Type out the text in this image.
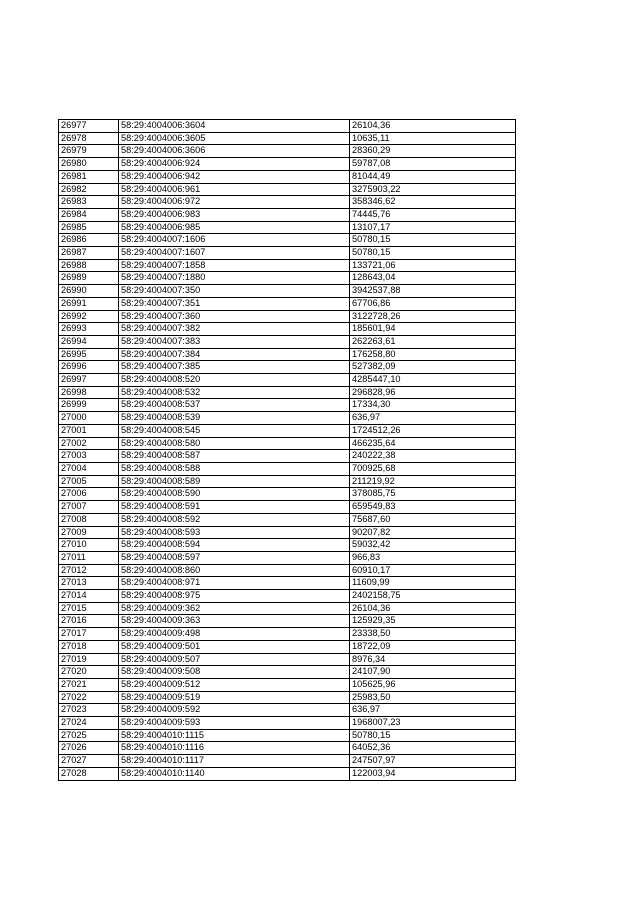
26977	58:29:4004006:3604	26104,36
26978	58:29:4004006:3605	10635,11
26979	58:29:4004006:3606	28360,29
26980	58:29:4004006:924	59787,08
26981	58:29:4004006:942	81044,49
26982	58:29:4004006:961	3275903,22
26983	58:29:4004006:972	358346,62
26984	58:29:4004006:983	74445,76
26985	58:29:4004006:985	13107,17
26986	58:29:4004007:1606	50780,15
26987	58:29:4004007:1607	50780,15
26988	58:29:4004007:1858	133721,06
26989	58:29:4004007:1880	128643,04
26990	58:29:4004007:350	3942537,88
26991	58:29:4004007:351	67706,86
26992	58:29:4004007:360	3122728,26
26993	58:29:4004007:382	185601,94
26994	58:29:4004007:383	262263,61
26995	58:29:4004007:384	176258,80
26996	58:29:4004007:385	527382,09
26997	58:29:4004008:520	4285447,10
26998	58:29:4004008:532	296828,96
26999	58:29:4004008:537	17334,30
27000	58:29:4004008:539	636,97
27001	58:29:4004008:545	1724512,26
27002	58:29:4004008:580	466235,64
27003	58:29:4004008:587	240222,38
27004	58:29:4004008:588	700925,68
27005	58:29:4004008:589	211219,92
27006	58:29:4004008:590	378085,75
27007	58:29:4004008:591	659549,83
27008	58:29:4004008:592	75687,60
27009	58:29:4004008:593	90207,82
27010	58:29:4004008:594	59032,42
27011	58:29:4004008:597	966,83
27012	58:29:4004008:860	60910,17
27013	58:29:4004008:971	11609,99
27014	58:29:4004008:975	2402158,75
27015	58:29:4004009:362	26104,36
27016	58:29:4004009:363	125929,35
27017	58:29:4004009:498	23338,50
27018	58:29:4004009:501	18722,09
27019	58:29:4004009:507	8976,34
27020	58:29:4004009:508	24107,90
27021	58:29:4004009:512	105625,96
27022	58:29:4004009:519	25983,50
27023	58:29:4004009:592	636,97
27024	58:29:4004009:593	1968007,23
27025	58:29:4004010:1115	50780,15
27026	58:29:4004010:1116	64052,36
27027	58:29:4004010:1117	247507,97
27028	58:29:4004010:1140	122003,94
